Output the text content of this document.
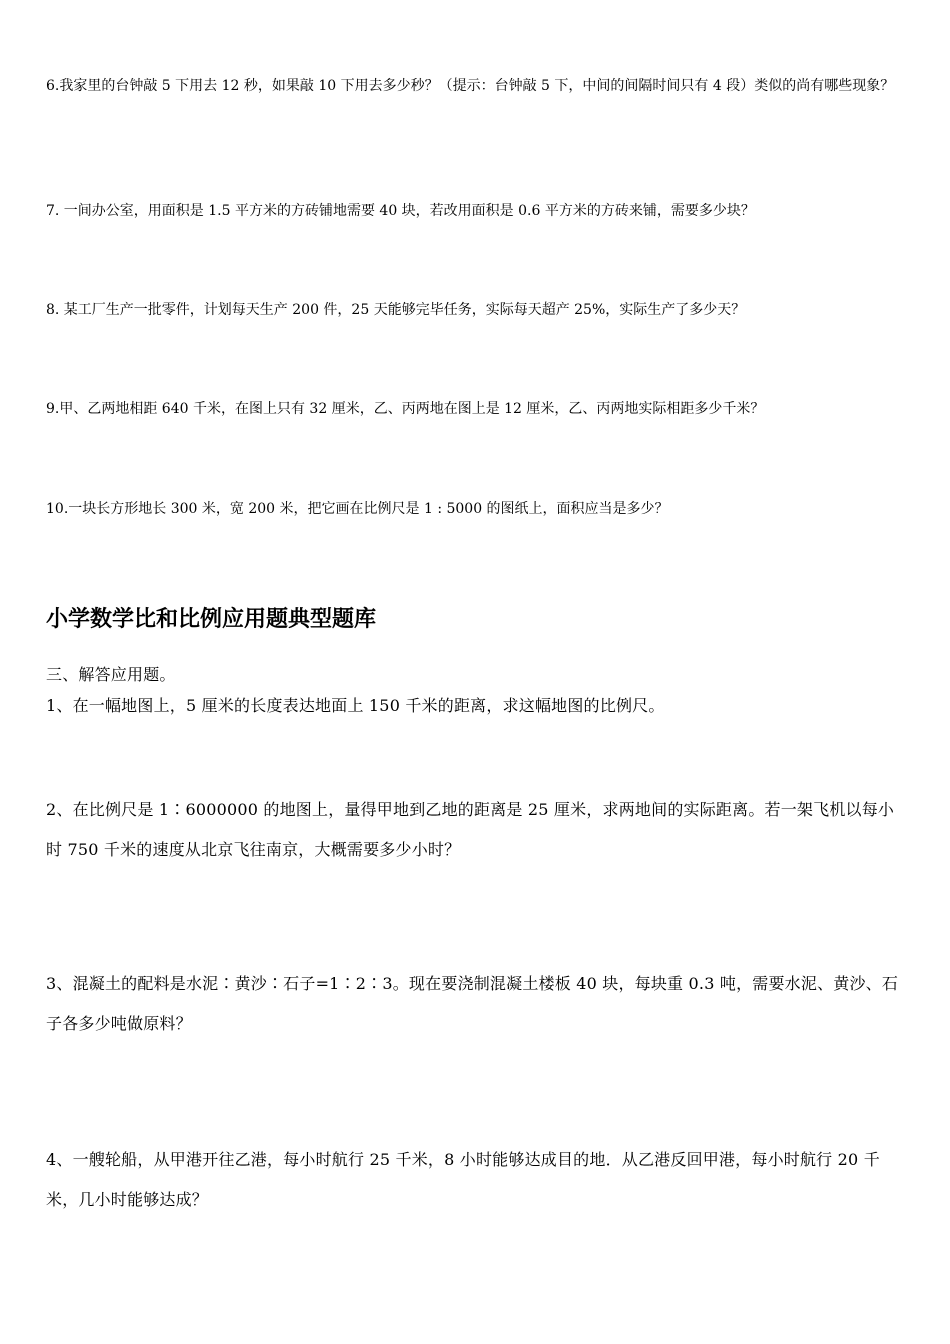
6.我家里的台钟敲 5 下用去 12 秒，如果敲 10 下用去多少秒？（提示：台钟敲 5 下，中间的间隔时间只有 4 段）类似的尚有哪些现象？

7. 一间办公室，用面积是 1.5 平方米的方砖铺地需要 40 块，若改用面积是 0.6 平方米的方砖来铺，需要多少块？

8. 某工厂生产一批零件，计划每天生产 200 件，25 天能够完毕任务，实际每天超产 25%，实际生产了多少天？

9.甲、乙两地相距 640 千米，在图上只有 32 厘米，乙、丙两地在图上是 12 厘米，乙、丙两地实际相距多少千米？

10.一块长方形地长 300 米，宽 200 米，把它画在比例尺是 1 : 5000 的图纸上，面积应当是多少？

小学数学比和比例应用题典型题库

三、解答应用题。

1、在一幅地图上，5 厘米的长度表达地面上 150 千米的距离，求这幅地图的比例尺。

2、在比例尺是 1∶6000000 的地图上，量得甲地到乙地的距离是 25 厘米，求两地间的实际距离。若一架飞机以每小时 750 千米的速度从北京飞往南京，大概需要多少小时？

3、混凝土的配料是水泥∶黄沙∶石子=1∶2∶3。现在要浇制混凝土楼板 40 块，每块重 0.3 吨，需要水泥、黄沙、石子各多少吨做原料？

4、一艘轮船，从甲港开往乙港，每小时航行 25 千米，8 小时能够达成目的地．从乙港反回甲港，每小时航行 20 千米，几小时能够达成？
